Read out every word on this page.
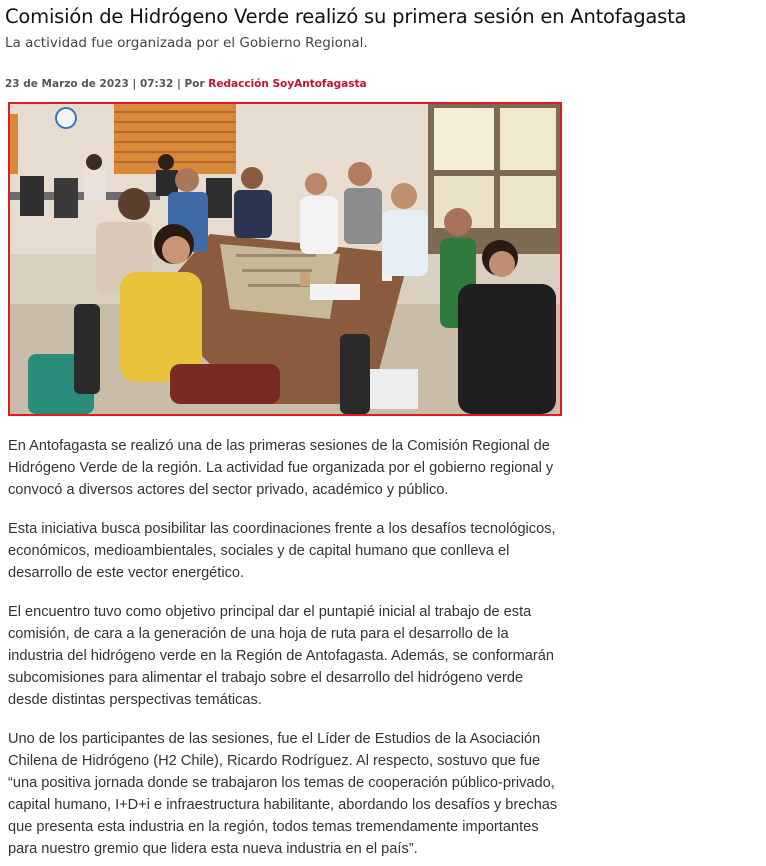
Comisión de Hidrógeno Verde realizó su primera sesión en Antofagasta

La actividad fue organizada por el Gobierno Regional.

23 de Marzo de 2023 | 07:32 | Por Redacción SoyAntofagasta

En Antofagasta se realizó una de las primeras sesiones de la Comisión Regional de Hidrógeno Verde de la región. La actividad fue organizada por el gobierno regional y convocó a diversos actores del sector privado, académico y público.

Esta iniciativa busca posibilitar las coordinaciones frente a los desafíos tecnológicos, económicos, medioambientales, sociales y de capital humano que conlleva el desarrollo de este vector energético.

El encuentro tuvo como objetivo principal dar el puntapié inicial al trabajo de esta comisión, de cara a la generación de una hoja de ruta para el desarrollo de la industria del hidrógeno verde en la Región de Antofagasta. Además, se conformarán subcomisiones para alimentar el trabajo sobre el desarrollo del hidrógeno verde desde distintas perspectivas temáticas.

Uno de los participantes de las sesiones, fue el Líder de Estudios de la Asociación Chilena de Hidrógeno (H2 Chile), Ricardo Rodríguez. Al respecto, sostuvo que fue “una positiva jornada donde se trabajaron los temas de cooperación público-privado, capital humano, I+D+i e infraestructura habilitante, abordando los desafíos y brechas que presenta esta industria en la región, todos temas tremendamente importantes para nuestro gremio que lidera esta nueva industria en el país”.
